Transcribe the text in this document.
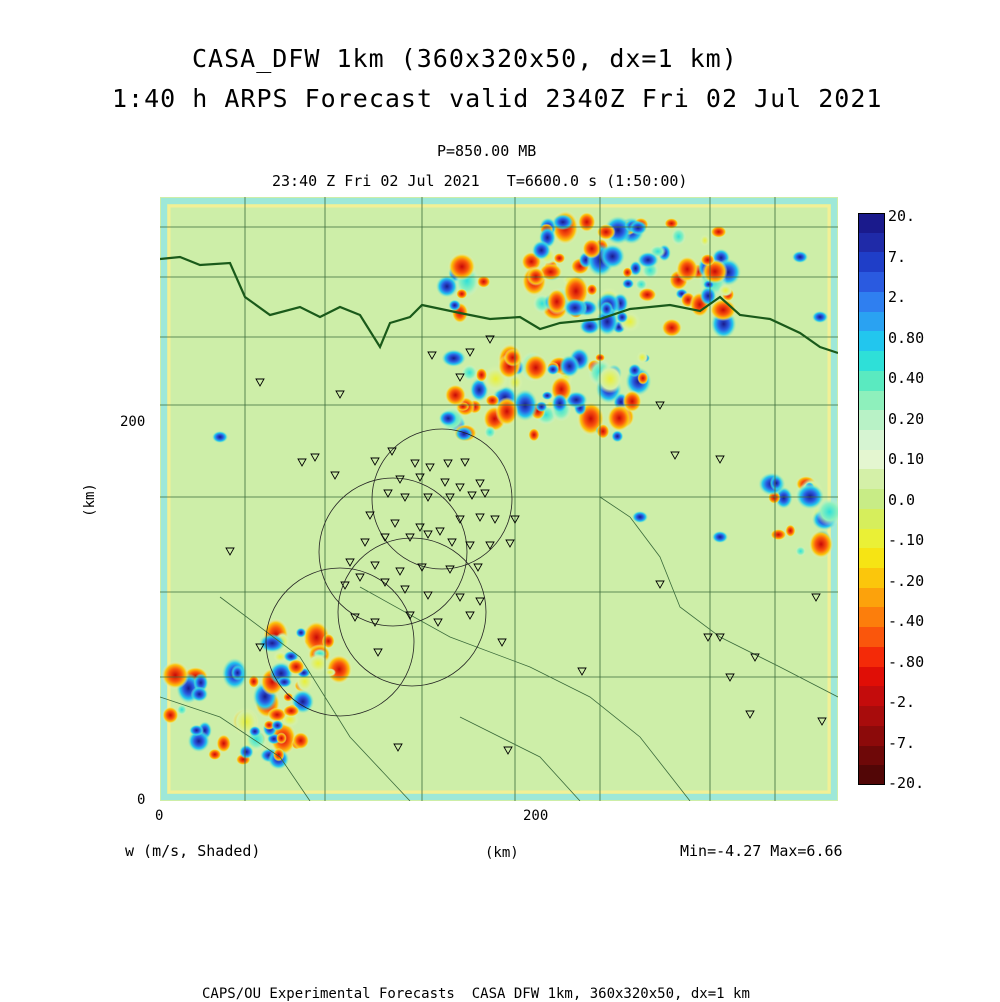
CASA_DFW 1km (360x320x50, dx=1 km)
1:40 h ARPS Forecast valid 2340Z Fri 02 Jul 2021
P=850.00 MB
23:40 Z Fri 02 Jul 2021   T=6600.0 s (1:50:00)
0	200
0
200
(km)
(km)
w (m/s, Shaded)	Min=-4.27 Max=6.66
20.
7.
2.
0.80
0.40
0.20
0.10
0.0
-.10
-.20
-.40
-.80
-2.
-7.
-20.
CAPS/OU Experimental Forecasts  CASA DFW 1km, 360x320x50, dx=1 km
